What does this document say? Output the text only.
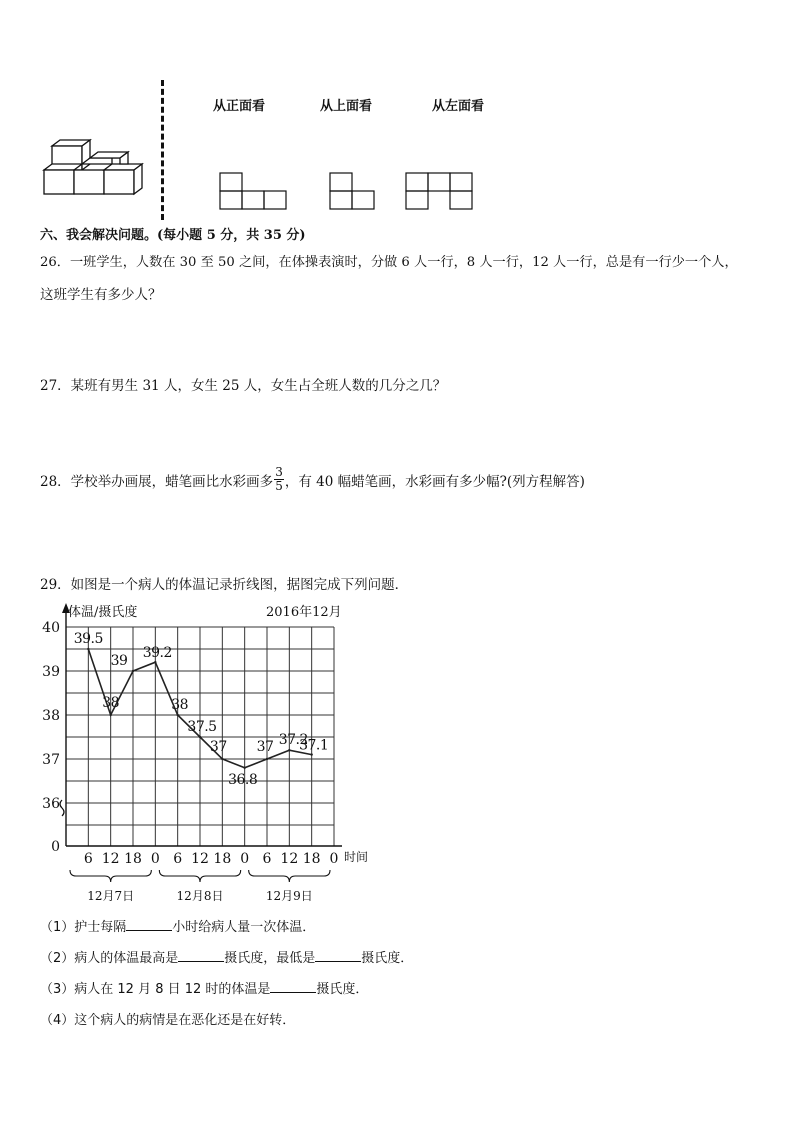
从正面看	从上面看	从左面看
六、我会解决问题。(每小题 5 分，共 35 分)
26．一班学生，人数在 30 至 50 之间，在体操表演时，分做 6 人一行，8 人一行，12 人一行，总是有一行少一个人，
这班学生有多少人？
27．某班有男生 31 人，女生 25 人，女生占全班人数的几分之几？
28．学校举办画展，蜡笔画比水彩画多 $\frac{3}{5}$ ，有 40 幅蜡笔画，水彩画有多少幅?(列方程解答)
29．如图是一个病人的体温记录折线图，据图完成下列问题．
0
36
37
38
39
40
6 12 18 0 6 12 18 0 6 12 18 0
12月7日	12月8日	12月9日
39.5
38
39 39.2
38
37.5
37
36.8
37 37.2
37.1
2016年12月
体温/摄氏度
时间
（1）护士每隔	小时给病人量一次体温．
（2）病人的体温最高是	摄氏度，最低是	摄氏度．
（3）病人在 12 月 8 日 12 时的体温是	摄氏度．
（4）这个病人的病情是在恶化还是在好转．
